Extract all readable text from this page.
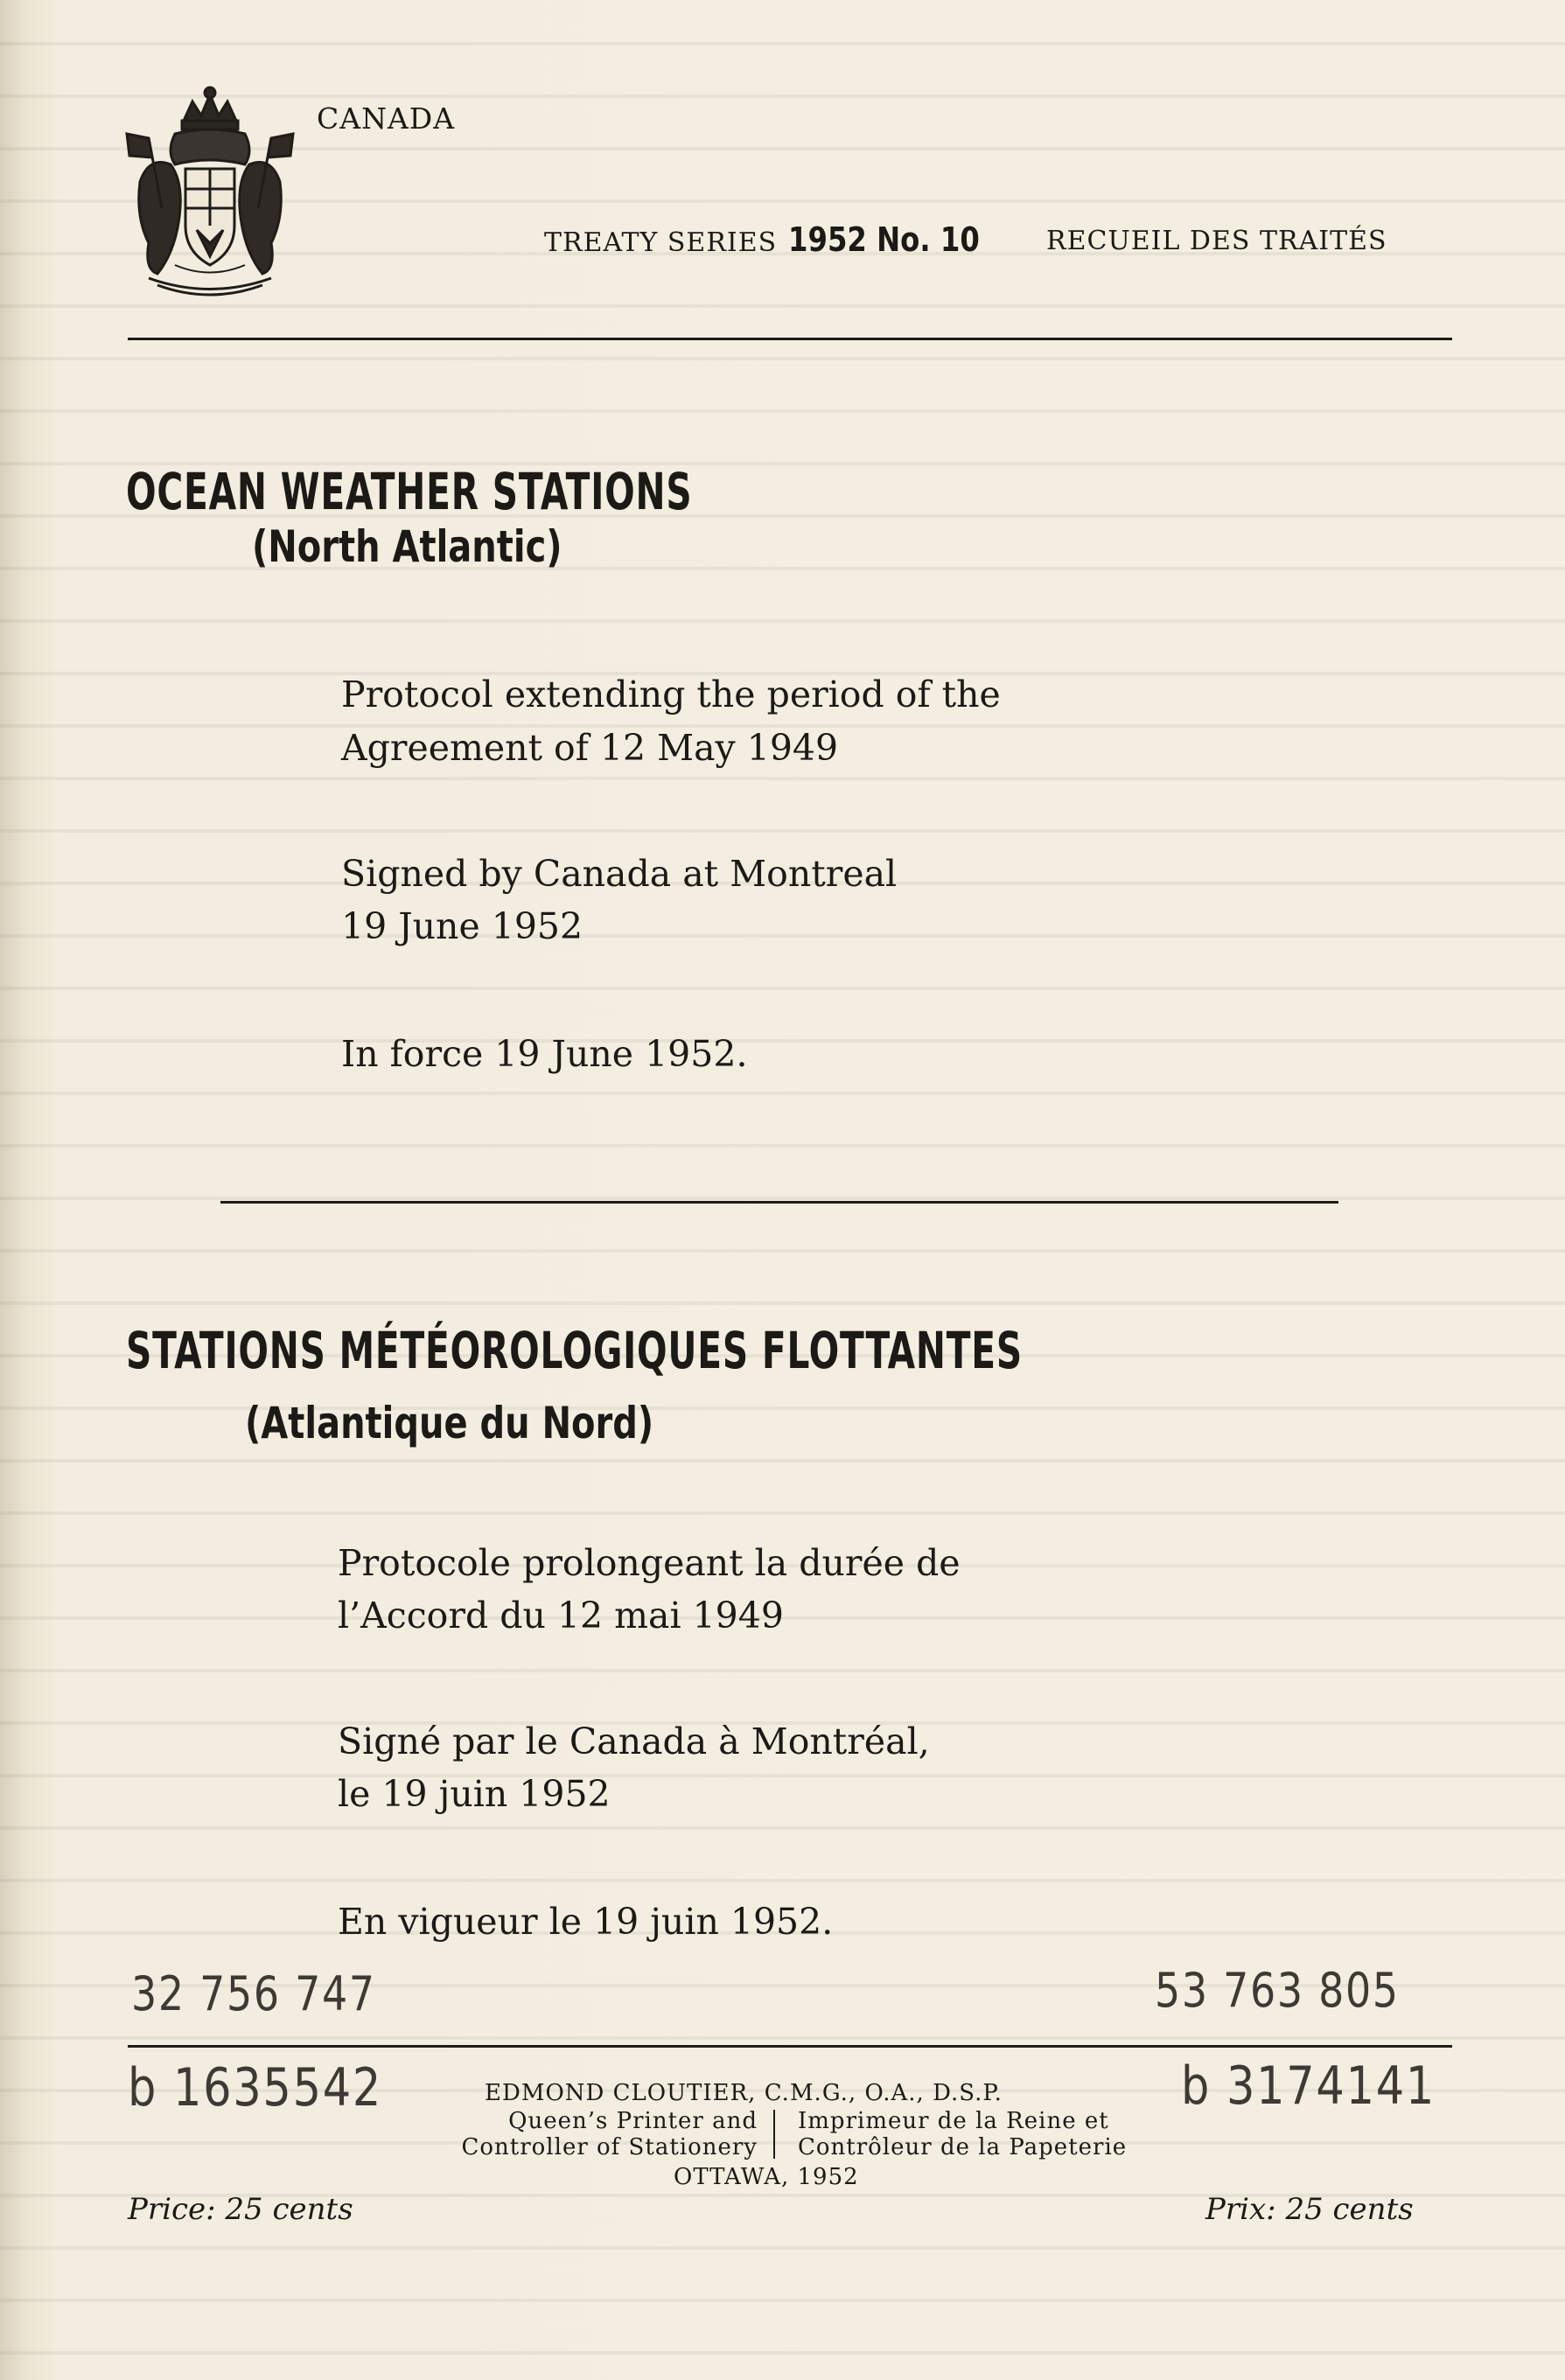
CANADA
TREATY SERIES 1952 No. 10	RECUEIL DES TRAITÉS
OCEAN WEATHER STATIONS
(North Atlantic)
Protocol extending the period of the
Agreement of 12 May 1949
Signed by Canada at Montreal
19 June 1952
In force 19 June 1952.
STATIONS MÉTÉOROLOGIQUES FLOTTANTES
(Atlantique du Nord)
Protocole prolongeant la durée de
l’Accord du 12 mai 1949
Signé par le Canada à Montréal,
le 19 juin 1952
En vigueur le 19 juin 1952.
32 756 747	53 763 805
b 1635542	b 3174141
EDMOND CLOUTIER, C.M.G., O.A., D.S.P.
Queen’s Printer and
Controller of Stationery
Imprimeur de la Reine et
Contrôleur de la Papeterie
OTTAWA, 1952
Price: 25 cents	Prix: 25 cents
